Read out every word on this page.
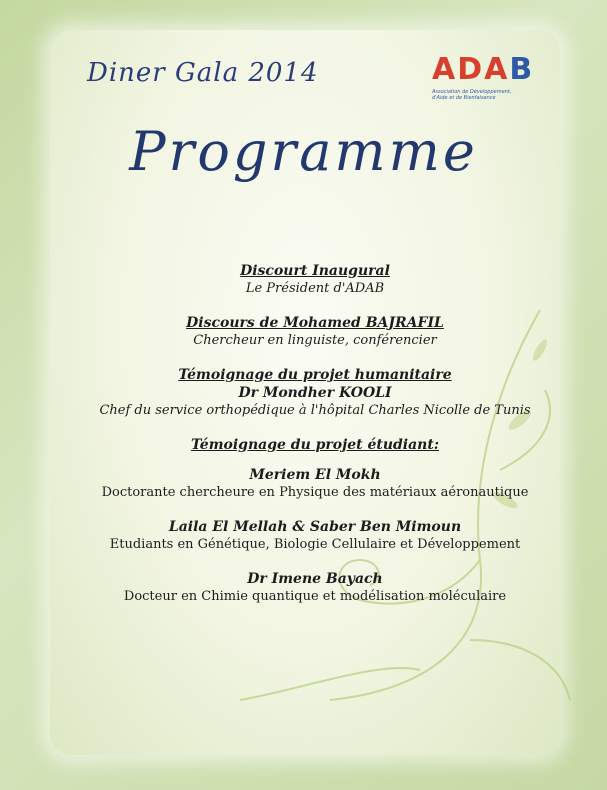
Diner Gala 2014	ADAB
Association de Développement,
d'Aide et de Bienfaisance
Programme
Discourt Inaugural
Le Président d'ADAB
Discours de Mohamed BAJRAFIL
Chercheur en linguiste, conférencier
Témoignage du projet humanitaire
Dr Mondher KOOLI
Chef du service orthopédique à l'hôpital Charles Nicolle de Tunis
Témoignage du projet étudiant:
Meriem El Mokh
Doctorante chercheure en Physique des matériaux aéronautique
Laila El Mellah & Saber Ben Mimoun
Etudiants en Génétique, Biologie Cellulaire et Développement
Dr Imene Bayach
Docteur en Chimie quantique et modélisation moléculaire
